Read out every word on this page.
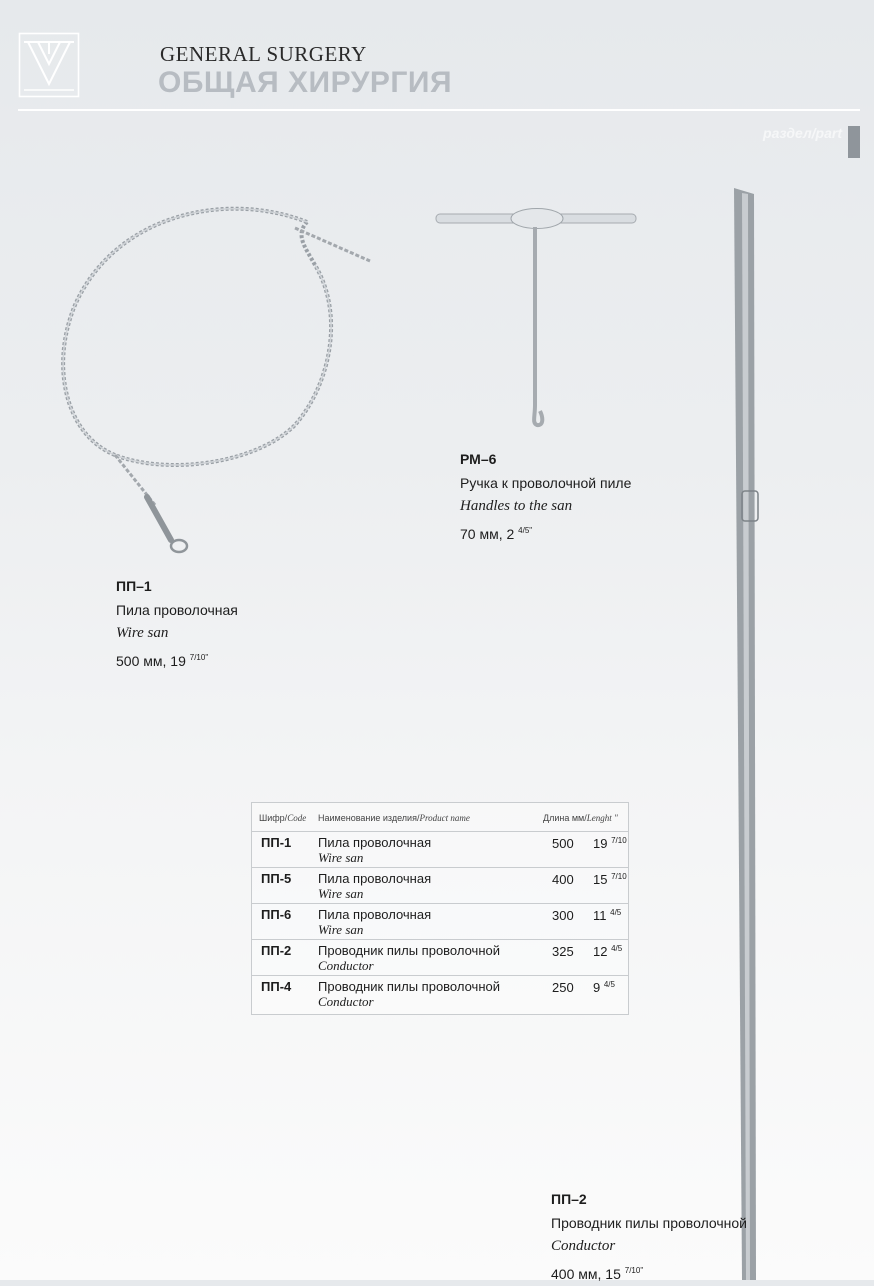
GENERAL SURGERY
ОБЩАЯ ХИРУРГИЯ
раздел/part
ПП–1
Пила проволочная
Wire san
500 мм, 19 $^{7/10"}$
РМ–6
Ручка к проволочной пиле
Handles to the san
70 мм, 2 $^{4/5"}$
ПП–2
Проводник пилы проволочной
Conductor
400 мм, 15 $^{7/10"}$
Шифр/Code Наименование изделия/Product name	Длина мм/Lenght "
ПП-1 Пила проволочная
Wire san
500 19 $^{7/10}$
ПП-5 Пила проволочная
Wire san
400 15 $^{7/10}$
ПП-6 Пила проволочная
Wire san
300 11 $^{4/5}$
ПП-2 Проводник пилы проволочной
Conductor
325 12 $^{4/5}$
ПП-4 Проводник пилы проволочной
Conductor
250 9 $^{4/5}$
